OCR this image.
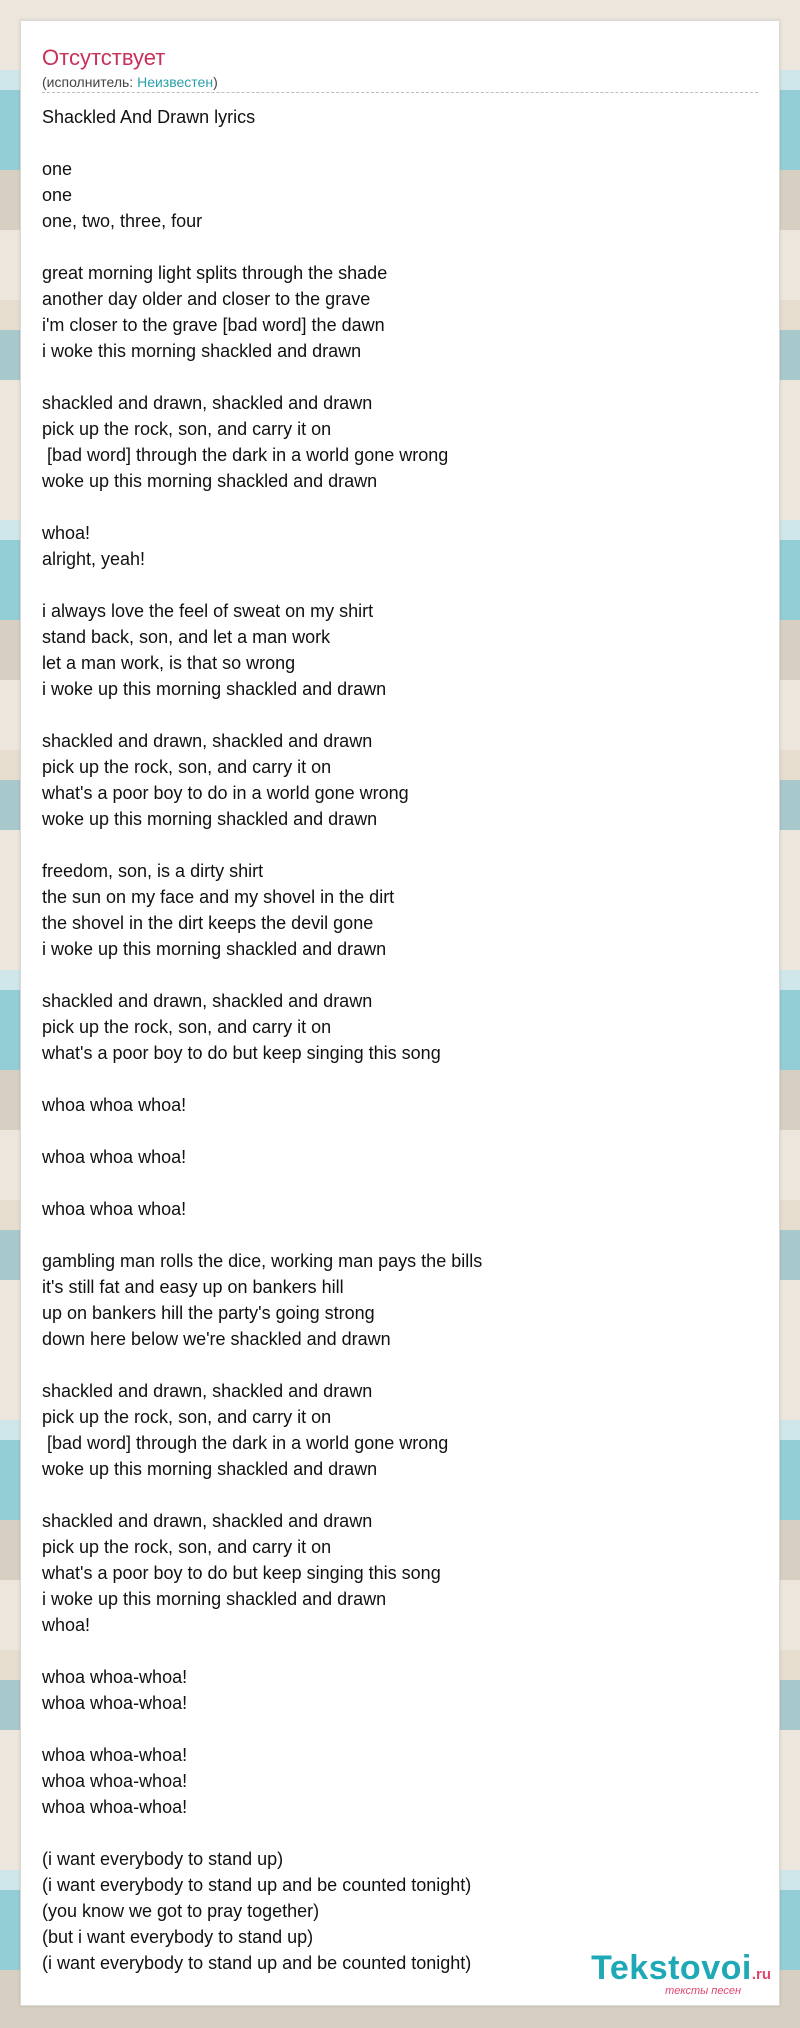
Отсутствует
(исполнитель: Неизвестен)
Shackled And Drawn lyrics
one
one
one, two, three, four
great morning light splits through the shade
another day older and closer to the grave
i'm closer to the grave [bad word] the dawn
i woke this morning shackled and drawn
shackled and drawn, shackled and drawn
pick up the rock, son, and carry it on
[bad word] through the dark in a world gone wrong
woke up this morning shackled and drawn
whoa!
alright, yeah!
i always love the feel of sweat on my shirt
stand back, son, and let a man work
let a man work, is that so wrong
i woke up this morning shackled and drawn
shackled and drawn, shackled and drawn
pick up the rock, son, and carry it on
what's a poor boy to do in a world gone wrong
woke up this morning shackled and drawn
freedom, son, is a dirty shirt
the sun on my face and my shovel in the dirt
the shovel in the dirt keeps the devil gone
i woke up this morning shackled and drawn
shackled and drawn, shackled and drawn
pick up the rock, son, and carry it on
what's a poor boy to do but keep singing this song
whoa whoa whoa!
whoa whoa whoa!
whoa whoa whoa!
gambling man rolls the dice, working man pays the bills
it's still fat and easy up on bankers hill
up on bankers hill the party's going strong
down here below we're shackled and drawn
shackled and drawn, shackled and drawn
pick up the rock, son, and carry it on
[bad word] through the dark in a world gone wrong
woke up this morning shackled and drawn
shackled and drawn, shackled and drawn
pick up the rock, son, and carry it on
what's a poor boy to do but keep singing this song
i woke up this morning shackled and drawn
whoa!
whoa whoa-whoa!
whoa whoa-whoa!
whoa whoa-whoa!
whoa whoa-whoa!
whoa whoa-whoa!
(i want everybody to stand up)
(i want everybody to stand up and be counted tonight)
(you know we got to pray together)
(but i want everybody to stand up)
(i want everybody to stand up and be counted tonight)	Tekstovoi.ru
тексты песен
